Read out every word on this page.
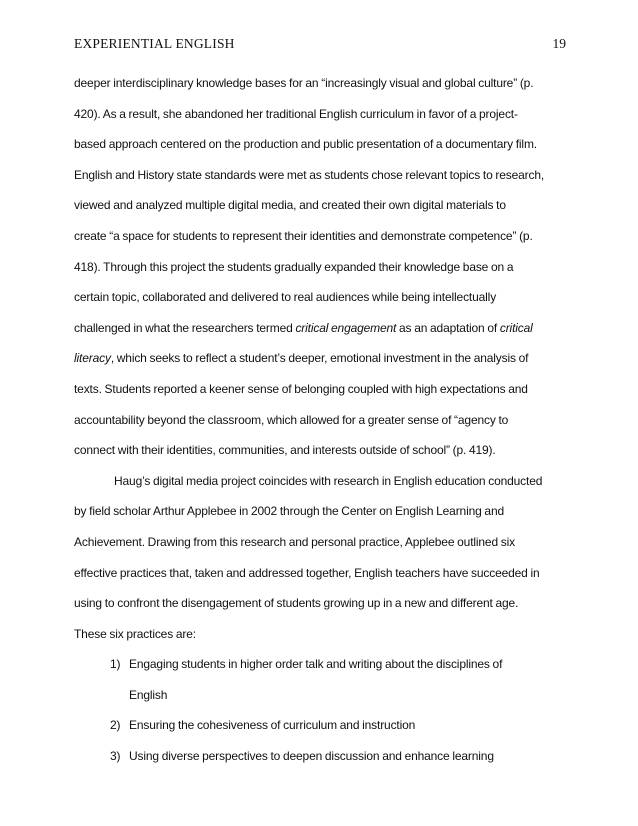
EXPERIENTIAL ENGLISH	19
deeper interdisciplinary knowledge bases for an “increasingly visual and global culture” (p.
420). As a result, she abandoned her traditional English curriculum in favor of a project-
based approach centered on the production and public presentation of a documentary film.
English and History state standards were met as students chose relevant topics to research,
viewed and analyzed multiple digital media, and created their own digital materials to
create “a space for students to represent their identities and demonstrate competence” (p.
418). Through this project the students gradually expanded their knowledge base on a
certain topic, collaborated and delivered to real audiences while being intellectually
challenged in what the researchers termed critical engagement as an adaptation of critical
literacy, which seeks to reflect a student’s deeper, emotional investment in the analysis of
texts. Students reported a keener sense of belonging coupled with high expectations and
accountability beyond the classroom, which allowed for a greater sense of “agency to
connect with their identities, communities, and interests outside of school” (p. 419).
Haug’s digital media project coincides with research in English education conducted
by field scholar Arthur Applebee in 2002 through the Center on English Learning and
Achievement. Drawing from this research and personal practice, Applebee outlined six
effective practices that, taken and addressed together, English teachers have succeeded in
using to confront the disengagement of students growing up in a new and different age.
These six practices are:
1) Engaging students in higher order talk and writing about the disciplines of
English
2) Ensuring the cohesiveness of curriculum and instruction
3) Using diverse perspectives to deepen discussion and enhance learning
